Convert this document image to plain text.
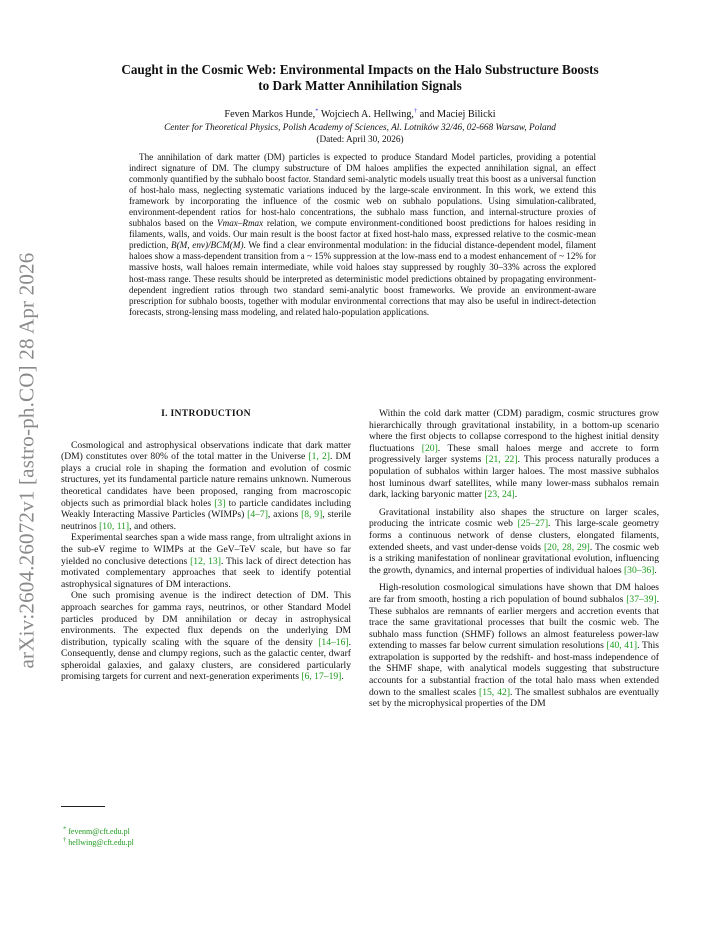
arXiv:2604.26072v1 [astro-ph.CO] 28 Apr 2026
Caught in the Cosmic Web: Environmental Impacts on the Halo Substructure Boosts
to Dark Matter Annihilation Signals
Feven Markos Hunde,* Wojciech A. Hellwing,† and Maciej Bilicki
Center for Theoretical Physics, Polish Academy of Sciences, Al. Lotników 32/46, 02-668 Warsaw, Poland
(Dated: April 30, 2026)
The annihilation of dark matter (DM) particles is expected to produce Standard Model particles, providing a potential indirect signature of DM. The clumpy substructure of DM haloes amplifies the expected annihilation signal, an effect commonly quantified by the subhalo boost factor. Standard semi-analytic models usually treat this boost as a universal function of host-halo mass, neglecting systematic variations induced by the large-scale environment. In this work, we extend this framework by incorporating the influence of the cosmic web on subhalo populations. Using simulation-calibrated, environment-dependent ratios for host-halo concentrations, the subhalo mass function, and internal-structure proxies of subhalos based on the Vmax–Rmax relation, we compute environment-conditioned boost predictions for haloes residing in filaments, walls, and voids. Our main result is the boost factor at fixed host-halo mass, expressed relative to the cosmic-mean prediction, B(M, env)/BCM(M). We find a clear environmental modulation: in the fiducial distance-dependent model, filament haloes show a mass-dependent transition from a ~ 15% suppression at the low-mass end to a modest enhancement of ~ 12% for massive hosts, wall haloes remain intermediate, while void haloes stay suppressed by roughly 30–33% across the explored host-mass range. These results should be interpreted as deterministic model predictions obtained by propagating environment-dependent ingredient ratios through two standard semi-analytic boost frameworks. We provide an environment-aware prescription for subhalo boosts, together with modular environmental corrections that may also be useful in indirect-detection forecasts, strong-lensing mass modeling, and related halo-population applications.
I. INTRODUCTION

Cosmological and astrophysical observations indicate that dark matter (DM) constitutes over 80% of the total matter in the Universe [1, 2]. DM plays a crucial role in shaping the formation and evolution of cosmic structures, yet its fundamental particle nature remains unknown. Numerous theoretical candidates have been proposed, ranging from macroscopic objects such as primordial black holes [3] to particle candidates including Weakly Interacting Massive Particles (WIMPs) [4–7], axions [8, 9], sterile neutrinos [10, 11], and others.

Experimental searches span a wide mass range, from ultralight axions in the sub-eV regime to WIMPs at the GeV–TeV scale, but have so far yielded no conclusive detections [12, 13]. This lack of direct detection has motivated complementary approaches that seek to identify potential astrophysical signatures of DM interactions.

One such promising avenue is the indirect detection of DM. This approach searches for gamma rays, neutrinos, or other Standard Model particles produced by DM annihilation or decay in astrophysical environments. The expected flux depends on the underlying DM distribution, typically scaling with the square of the density [14–16]. Consequently, dense and clumpy regions, such as the galactic center, dwarf spheroidal galaxies, and galaxy clusters, are considered particularly promising targets for current and next-generation experiments [6, 17–19].

Within the cold dark matter (CDM) paradigm, cosmic structures grow hierarchically through gravitational instability, in a bottom-up scenario where the first objects to collapse correspond to the highest initial density fluctuations [20]. These small haloes merge and accrete to form progressively larger systems [21, 22]. This process naturally produces a population of subhalos within larger haloes. The most massive subhalos host luminous dwarf satellites, while many lower-mass subhalos remain dark, lacking baryonic matter [23, 24].

Gravitational instability also shapes the structure on larger scales, producing the intricate cosmic web [25–27]. This large-scale geometry forms a continuous network of dense clusters, elongated filaments, extended sheets, and vast under-dense voids [20, 28, 29]. The cosmic web is a striking manifestation of nonlinear gravitational evolution, influencing the growth, dynamics, and internal properties of individual haloes [30–36].

High-resolution cosmological simulations have shown that DM haloes are far from smooth, hosting a rich population of bound subhalos [37–39]. These subhalos are remnants of earlier mergers and accretion events that trace the same gravitational processes that built the cosmic web. The subhalo mass function (SHMF) follows an almost featureless power-law extending to masses far below current simulation resolutions [40, 41]. This extrapolation is supported by the redshift- and host-mass independence of the SHMF shape, with analytical models suggesting that substructure accounts for a substantial fraction of the total halo mass when extended down to the smallest scales [15, 42]. The smallest subhalos are eventually set by the microphysical properties of the DM

* fevenm@cft.edu.pl
† hellwing@cft.edu.pl
